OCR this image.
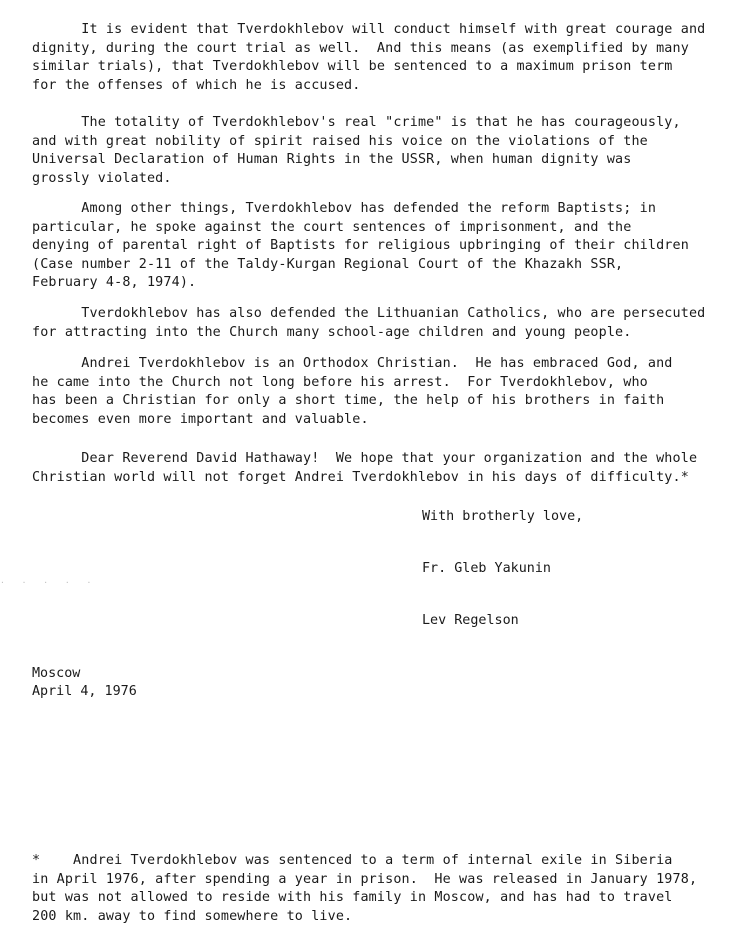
It is evident that Tverdokhlebov will conduct himself with great courage and
dignity, during the court trial as well.  And this means (as exemplified by many
similar trials), that Tverdokhlebov will be sentenced to a maximum prison term
for the offenses of which he is accused.

The totality of Tverdokhlebov's real "crime" is that he has courageously,
and with great nobility of spirit raised his voice on the violations of the
Universal Declaration of Human Rights in the USSR, when human dignity was
grossly violated.

Among other things, Tverdokhlebov has defended the reform Baptists; in
particular, he spoke against the court sentences of imprisonment, and the
denying of parental right of Baptists for religious upbringing of their children
(Case number 2-11 of the Taldy-Kurgan Regional Court of the Khazakh SSR,
February 4-8, 1974).

Tverdokhlebov has also defended the Lithuanian Catholics, who are persecuted
for attracting into the Church many school-age children and young people.

Andrei Tverdokhlebov is an Orthodox Christian.  He has embraced God, and
he came into the Church not long before his arrest.  For Tverdokhlebov, who
has been a Christian for only a short time, the help of his brothers in faith
becomes even more important and valuable.

Dear Reverend David Hathaway!  We hope that your organization and the whole
Christian world will not forget Andrei Tverdokhlebov in his days of difficulty.*

With brotherly love,

Fr. Gleb Yakunin

Lev Regelson

Moscow
April 4, 1976

*    Andrei Tverdokhlebov was sentenced to a term of internal exile in Siberia
in April 1976, after spending a year in prison.  He was released in January 1978,
but was not allowed to reside with his family in Moscow, and has had to travel
200 km. away to find somewhere to live.

· · · · ·
